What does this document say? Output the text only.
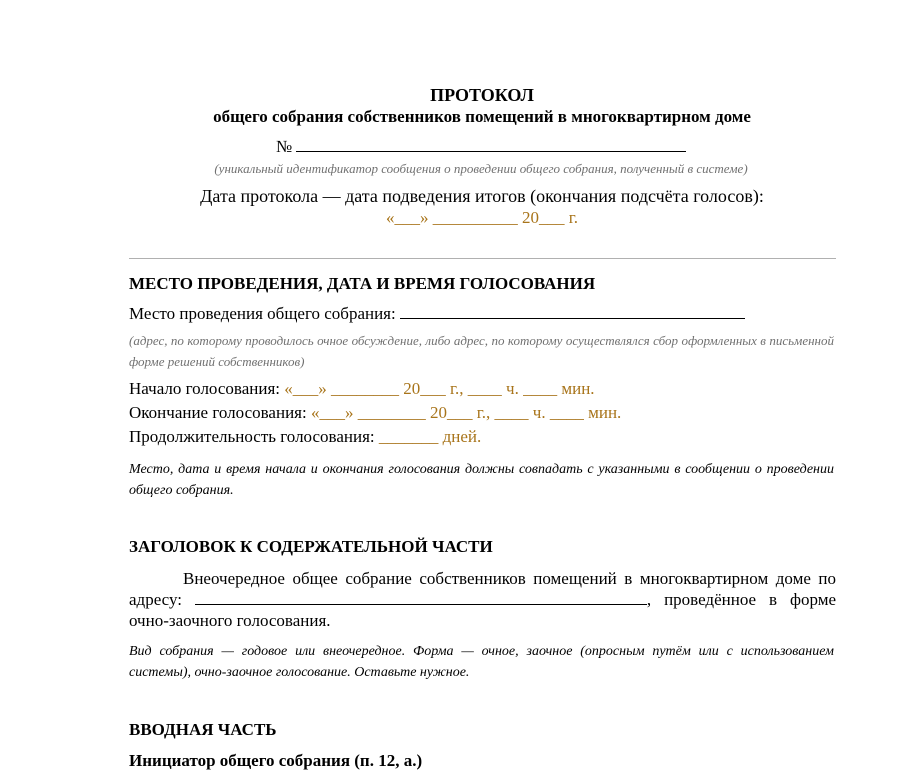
ПРОТОКОЛ
общего собрания собственников помещений в многоквартирном доме
№
(уникальный идентификатор сообщения о проведении общего собрания, полученный в системе)
Дата протокола — дата подведения итогов (окончания подсчёта голосов):
«___» __________ 20___ г.
МЕСТО ПРОВЕДЕНИЯ, ДАТА И ВРЕМЯ ГОЛОСОВАНИЯ
Место проведения общего собрания:
(адрес, по которому проводилось очное обсуждение, либо адрес, по которому осуществлялся сбор оформленных в письменной форме решений собственников)
Начало голосования: «___» ________ 20___ г., ____ ч. ____ мин.
Окончание голосования: «___» ________ 20___ г., ____ ч. ____ мин.
Продолжительность голосования: _______ дней.
Место, дата и время начала и окончания голосования должны совпадать с указанными в сообщении о проведении общего собрания.
ЗАГОЛОВОК К СОДЕРЖАТЕЛЬНОЙ ЧАСТИ
Внеочередное общее собрание собственников помещений в многоквартирном доме по адресу:	, проведённое в форме очно-заочного голосования.
Вид собрания — годовое или внеочередное. Форма — очное, заочное (опросным путём или с использованием системы), очно-заочное голосование. Оставьте нужное.
ВВОДНАЯ ЧАСТЬ
Инициатор общего собрания (п. 12, а.)
